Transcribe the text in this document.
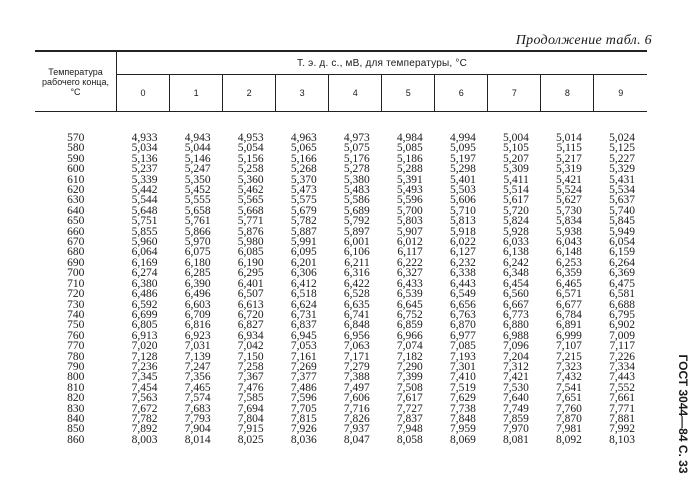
Продолжение табл. 6
ГОСТ 3044—84 С. 33
Температура рабочего конца, °С	Т. э. д. с., мВ, для температуры, °С									
	0	1	2	3	4	5	6	7	8	9

570	4,933	4,943	4,953	4,963	4,973	4,984	4,994	5,004	5,014	5,024
580	5,034	5,044	5,054	5,065	5,075	5,085	5,095	5,105	5,115	5,125
590	5,136	5,146	5,156	5,166	5,176	5,186	5,197	5,207	5,217	5,227
600	5,237	5,247	5,258	5,268	5,278	5,288	5,298	5,309	5,319	5,329
610	5,339	5,350	5,360	5,370	5,380	5,391	5,401	5,411	5,421	5,431
620	5,442	5,452	5,462	5,473	5,483	5,493	5,503	5,514	5,524	5,534
630	5,544	5,555	5,565	5,575	5,586	5,596	5,606	5,617	5,627	5,637
640	5,648	5,658	5,668	5,679	5,689	5,700	5,710	5,720	5,730	5,740
650	5,751	5,761	5,771	5,782	5,792	5,803	5,813	5,824	5,834	5,845
660	5,855	5,866	5,876	5,887	5,897	5,907	5,918	5,928	5,938	5,949
670	5,960	5,970	5,980	5,991	6,001	6,012	6,022	6,033	6,043	6,054
680	6,064	6,075	6,085	6,095	6,106	6,117	6,127	6,138	6,148	6,159
690	6,169	6,180	6,190	6,201	6,211	6,222	6,232	6,242	6,253	6,264
700	6,274	6,285	6,295	6,306	6,316	6,327	6,338	6,348	6,359	6,369
710	6,380	6,390	6,401	6,412	6,422	6,433	6,443	6,454	6,465	6,475
720	6,486	6,496	6,507	6,518	6,528	6,539	6,549	6,560	6,571	6,581
730	6,592	6,603	6,613	6,624	6,635	6,645	6,656	6,667	6,677	6,688
740	6,699	6,709	6,720	6,731	6,741	6,752	6,763	6,773	6,784	6,795
750	6,805	6,816	6,827	6,837	6,848	6,859	6,870	6,880	6,891	6,902
760	6,913	6,923	6,934	6,945	6,956	6,966	6,977	6,988	6,999	7,009
770	7,020	7,031	7,042	7,053	7,063	7,074	7,085	7,096	7,107	7,117
780	7,128	7,139	7,150	7,161	7,171	7,182	7,193	7,204	7,215	7,226
790	7,236	7,247	7,258	7,269	7,279	7,290	7,301	7,312	7,323	7,334
800	7,345	7,356	7,367	7,377	7,388	7,399	7,410	7,421	7,432	7,443
810	7,454	7,465	7,476	7,486	7,497	7,508	7,519	7,530	7,541	7,552
820	7,563	7,574	7,585	7,596	7,606	7,617	7,629	7,640	7,651	7,661
830	7,672	7,683	7,694	7,705	7,716	7,727	7,738	7,749	7,760	7,771
840	7,782	7,793	7,804	7,815	7,826	7,837	7,848	7,859	7,870	7,881
850	7,892	7,904	7,915	7,926	7,937	7,948	7,959	7,970	7,981	7,992
860	8,003	8,014	8,025	8,036	8,047	8,058	8,069	8,081	8,092	8,103
